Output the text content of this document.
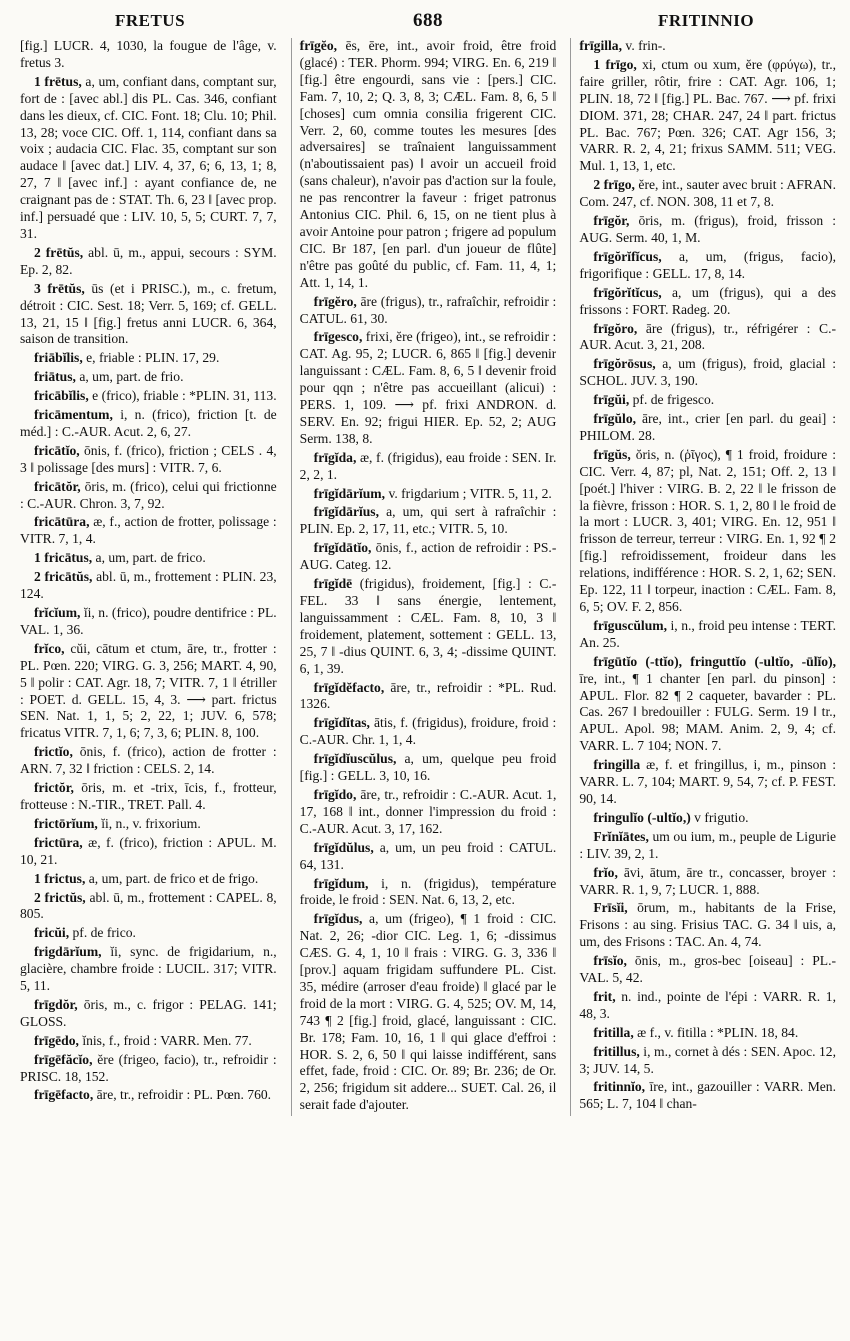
FRETUS	688	FRITINNIO

[fig.] LUCR. 4, 1030, la fougue de l'âge, v. fretus 3.

1 frētus, a, um, confiant dans, comptant sur, fort de : [avec abl.] dis PL. Cas. 346, confiant dans les dieux, cf. CIC. Font. 18; Clu. 10; Phil. 13, 28; voce CIC. Off. 1, 114, confiant dans sa voix ; audacia CIC. Flac. 35, comptant sur son audace ‖ [avec dat.] LIV. 4, 37, 6; 6, 13, 1; 8, 27, 7 ‖ [avec inf.] : ayant confiance de, ne craignant pas de : STAT. Th. 6, 23 ‖ [avec prop. inf.] persuadé que : LIV. 10, 5, 5; CURT. 7, 7, 31.

2 frētŭs, abl. ū, m., appui, secours : SYM. Ep. 2, 82.

3 frētŭs, ūs (et i PRISC.), m., c. fretum, détroit : CIC. Sest. 18; Verr. 5, 169; cf. GELL. 13, 21, 15 ‖ [fig.] fretus anni LUCR. 6, 364, saison de transition.

friābĭlis, e, friable : PLIN. 17, 29.

friātus, a, um, part. de frio.

fricābĭlis, e (frico), friable : *PLIN. 31, 113.

fricāmentum, i, n. (frico), friction [t. de méd.] : C.-AUR. Acut. 2, 6, 27.

fricātĭo, ōnis, f. (frico), friction ; CELS . 4, 3 ‖ polissage [des murs] : VITR. 7, 6.

fricātŏr, ōris, m. (frico), celui qui frictionne : C.-AUR. Chron. 3, 7, 92.

fricātūra, æ, f., action de frotter, polissage : VITR. 7, 1, 4.

1 fricātus, a, um, part. de frico.

2 fricātŭs, abl. ū, m., frottement : PLIN. 23, 124.

frĭcĭum, ĭi, n. (frico), poudre dentifrice : PL. VAL. 1, 36.

frĭco, cŭi, cātum et ctum, āre, tr., frotter : PL. Pœn. 220; VIRG. G. 3, 256; MART. 4, 90, 5 ‖ polir : CAT. Agr. 18, 7; VITR. 7, 1 ‖ étriller : POET. d. GELL. 15, 4, 3. ⟶ part. frictus SEN. Nat. 1, 1, 5; 2, 22, 1; JUV. 6, 578; fricatus VITR. 7, 1, 6; 7, 3, 6; PLIN. 8, 100.

frictĭo, ōnis, f. (frico), action de frotter : ARN. 7, 32 ‖ friction : CELS. 2, 14.

frictŏr, ōris, m. et -trix, īcis, f., frotteur, frotteuse : N.-TIR., TRET. Pall. 4.

frictōrĭum, ĭi, n., v. frixorium.

frictūra, æ, f. (frico), friction : APUL. M. 10, 21.

1 frictus, a, um, part. de frico et de frigo.

2 frictŭs, abl. ū, m., frottement : CAPEL. 8, 805.

fricŭi, pf. de frico.

frigdārĭum, ĭi, sync. de frigidarium, n., glacière, chambre froide : LUCIL. 317; VITR. 5, 11.

frīgdŏr, ōris, m., c. frigor : PELAG. 141; GLOSS.

frīgēdo, ĭnis, f., froid : VARR. Men. 77.

frīgēfăcĭo, ĕre (frigeo, facio), tr., refroidir : PRISC. 18, 152.

frīgēfacto, āre, tr., refroidir : PL. Pœn. 760.

frīgĕo, ēs, ēre, int., avoir froid, être froid (glacé) : TER. Phorm. 994; VIRG. En. 6, 219 ‖ [fig.] être engourdi, sans vie : [pers.] CIC. Fam. 7, 10, 2; Q. 3, 8, 3; CÆL. Fam. 8, 6, 5 ‖ [choses] cum omnia consilia frigerent CIC. Verr. 2, 60, comme toutes les mesures [des adversaires] se traînaient languissamment (n'aboutissaient pas) ‖ avoir un accueil froid (sans chaleur), n'avoir pas d'action sur la foule, ne pas rencontrer la faveur : friget patronus Antonius CIC. Phil. 6, 15, on ne tient plus à avoir Antoine pour patron ; frigere ad populum CIC. Br 187, [en parl. d'un joueur de flûte] n'être pas goûté du public, cf. Fam. 11, 4, 1; Att. 1, 14, 1.

frīgĕro, āre (frigus), tr., rafraîchir, refroidir : CATUL. 61, 30.

frīgesco, frixi, ĕre (frigeo), int., se refroidir : CAT. Ag. 95, 2; LUCR. 6, 865 ‖ [fig.] devenir languissant : CÆL. Fam. 8, 6, 5 ‖ devenir froid pour qqn ; n'être pas accueillant (alicui) : PERS. 1, 109. ⟶ pf. frixi ANDRON. d. SERV. En. 92; frigui HIER. Ep. 52, 2; AUG Serm. 138, 8.

frīgĭda, æ, f. (frigidus), eau froide : SEN. Ir. 2, 2, 1.

frīgĭdārĭum, v. frigdarium ; VITR. 5, 11, 2.

frīgĭdārĭus, a, um, qui sert à rafraîchir : PLIN. Ep. 2, 17, 11, etc.; VITR. 5, 10.

frīgĭdātĭo, ōnis, f., action de refroidir : PS.-AUG. Categ. 12.

frīgĭdē (frigidus), froidement, [fig.] : C.-FEL. 33 ‖ sans énergie, lentement, languissamment : CÆL. Fam. 8, 10, 3 ‖ froidement, platement, sottement : GELL. 13, 25, 7 ‖ -dius QUINT. 6, 3, 4; -dissime QUINT. 6, 1, 39.

frīgĭdĕfacto, āre, tr., refroidir : *PL. Rud. 1326.

frīgĭdĭtas, ātis, f. (frigidus), froidure, froid : C.-AUR. Chr. 1, 1, 4.

frīgĭdĭuscŭlus, a, um, quelque peu froid [fig.] : GELL. 3, 10, 16.

frīgĭdo, āre, tr., refroidir : C.-AUR. Acut. 1, 17, 168 ‖ int., donner l'impression du froid : C.-AUR. Acut. 3, 17, 162.

frīgĭdŭlus, a, um, un peu froid : CATUL. 64, 131.

frīgĭdum, i, n. (frigidus), température froide, le froid : SEN. Nat. 6, 13, 2, etc.

frīgĭdus, a, um (frigeo), ¶ 1 froid : CIC. Nat. 2, 26; -dior CIC. Leg. 1, 6; -dissimus CÆS. G. 4, 1, 10 ‖ frais : VIRG. G. 3, 336 ‖ [prov.] aquam frigidam suffundere PL. Cist. 35, médire (arroser d'eau froide) ‖ glacé par le froid de la mort : VIRG. G. 4, 525; OV. M, 14, 743 ¶ 2 [fig.] froid, glacé, languissant : CIC. Br. 178; Fam. 10, 16, 1 ‖ qui glace d'effroi : HOR. S. 2, 6, 50 ‖ qui laisse indifférent, sans effet, fade, froid : CIC. Or. 89; Br. 236; de Or. 2, 256; frigidum sit addere... SUET. Cal. 26, il serait fade d'ajouter.

frīgilla, v. frin-.

1 frīgo, xi, ctum ou xum, ĕre (φρύγω), tr., faire griller, rôtir, frire : CAT. Agr. 106, 1; PLIN. 18, 72 ‖ [fig.] PL. Bac. 767. ⟶ pf. frixi DIOM. 371, 28; CHAR. 247, 24 ‖ part. frictus PL. Bac. 767; Pœn. 326; CAT. Agr 156, 3; VARR. R. 2, 4, 21; frixus SAMM. 511; VEG. Mul. 1, 13, 1, etc.

2 frīgo, ĕre, int., sauter avec bruit : AFRAN. Com. 247, cf. NON. 308, 11 et 7, 8.

frīgŏr, ōris, m. (frigus), froid, frisson : AUG. Serm. 40, 1, M.

frīgŏrĭfĭcus, a, um, (frigus, facio), frigorifique : GELL. 17, 8, 14.

frīgŏrĭtĭcus, a, um (frigus), qui a des frissons : FORT. Radeg. 20.

frīgŏro, āre (frigus), tr., réfrigérer : C.-AUR. Acut. 3, 21, 208.

frīgŏrōsus, a, um (frigus), froid, glacial : SCHOL. JUV. 3, 190.

frīgŭi, pf. de frigesco.

frīgŭlo, āre, int., crier [en parl. du geai] : PHILOM. 28.

frīgŭs, ŏris, n. (ῥῖγος), ¶ 1 froid, froidure : CIC. Verr. 4, 87; pl, Nat. 2, 151; Off. 2, 13 ‖ [poét.] l'hiver : VIRG. B. 2, 22 ‖ le frisson de la fièvre, frisson : HOR. S. 1, 2, 80 ‖ le froid de la mort : LUCR. 3, 401; VIRG. En. 12, 951 ‖ frisson de terreur, terreur : VIRG. En. 1, 92 ¶ 2 [fig.] refroidissement, froideur dans les relations, indifférence : HOR. S. 2, 1, 62; SEN. Ep. 122, 11 ‖ torpeur, inaction : CÆL. Fam. 8, 6, 5; OV. F. 2, 856.

frīguscŭlum, i, n., froid peu intense : TERT. An. 25.

frīgūtĭo (-ttĭo), fringuttĭo (-ultĭo, -ūlĭo), īre, int., ¶ 1 chanter [en parl. du pinson] : APUL. Flor. 82 ¶ 2 caqueter, bavarder : PL. Cas. 267 ‖ bredouiller : FULG. Serm. 19 ‖ tr., APUL. Apol. 98; MAM. Anim. 2, 9, 4; cf. VARR. L. 7 104; NON. 7.

fringilla æ, f. et fringillus, i, m., pinson : VARR. L. 7, 104; MART. 9, 54, 7; cf. P. FEST. 90, 14.

fringulĭo (-ultĭo,) v frigutio.

Frĭnĭātes, um ou ium, m., peuple de Ligurie : LIV. 39, 2, 1.

frĭo, āvi, ātum, āre tr., concasser, broyer : VARR. R. 1, 9, 7; LUCR. 1, 888.

Frīsĭi, ōrum, m., habitants de la Frise, Frisons : au sing. Frisius TAC. G. 34 ‖ uis, a, um, des Frisons : TAC. An. 4, 74.

frīsĭo, ōnis, m., gros-bec [oiseau] : PL.-VAL. 5, 42.

frit, n. ind., pointe de l'épi : VARR. R. 1, 48, 3.

fritilla, æ f., v. fitilla : *PLIN. 18, 84.

fritillus, i, m., cornet à dés : SEN. Apoc. 12, 3; JUV. 14, 5.

fritinnĭo, īre, int., gazouiller : VARR. Men. 565; L. 7, 104 ‖ chan-
